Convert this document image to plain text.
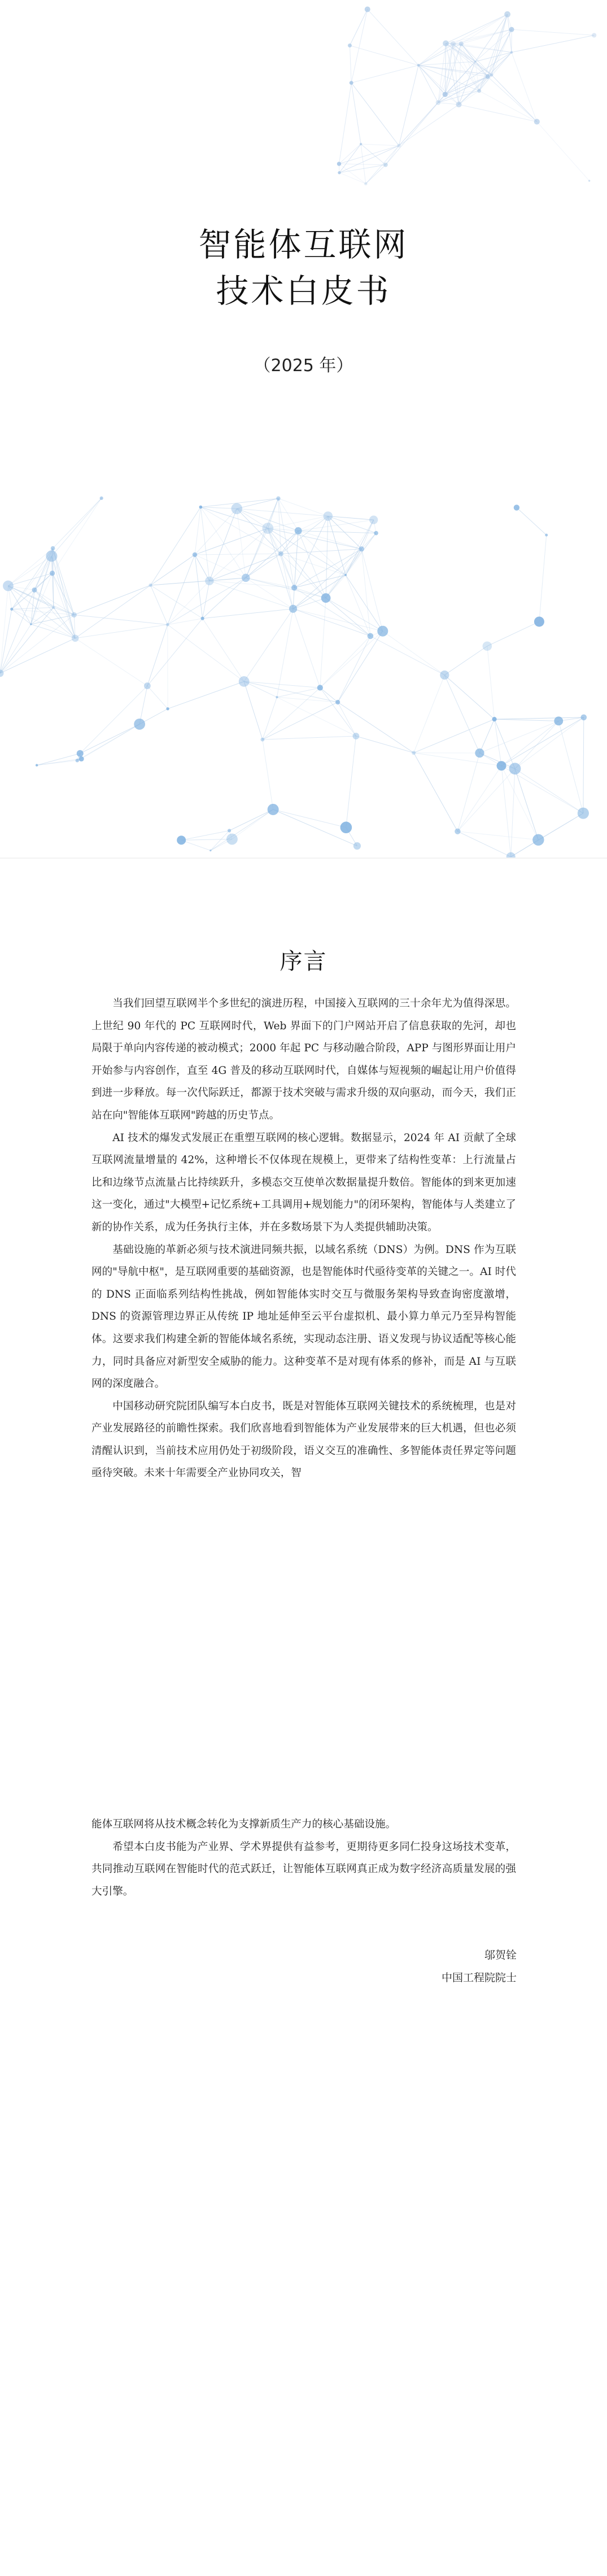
智能体互联网
技术白皮书
（2025 年）
序言

当我们回望互联网半个多世纪的演进历程，中国接入互联网的三十余年尤为值得深思。上世纪 90 年代的 PC 互联网时代，Web 界面下的门户网站开启了信息获取的先河，却也局限于单向内容传递的被动模式；2000 年起 PC 与移动融合阶段，APP 与图形界面让用户开始参与内容创作，直至 4G 普及的移动互联网时代，自媒体与短视频的崛起让用户价值得到进一步释放。每一次代际跃迁，都源于技术突破与需求升级的双向驱动，而今天，我们正站在向"智能体互联网"跨越的历史节点。

AI 技术的爆发式发展正在重塑互联网的核心逻辑。数据显示，2024 年 AI 贡献了全球互联网流量增量的 42%，这种增长不仅体现在规模上，更带来了结构性变革：上行流量占比和边缘节点流量占比持续跃升，多模态交互使单次数据量提升数倍。智能体的到来更加速这一变化，通过"大模型+记忆系统+工具调用+规划能力"的闭环架构，智能体与人类建立了新的协作关系，成为任务执行主体，并在多数场景下为人类提供辅助决策。

基础设施的革新必须与技术演进同频共振，以域名系统（DNS）为例。DNS 作为互联网的"导航中枢"，是互联网重要的基础资源，也是智能体时代亟待变革的关键之一。AI 时代的 DNS 正面临系列结构性挑战，例如智能体实时交互与微服务架构导致查询密度激增，DNS 的资源管理边界正从传统 IP 地址延伸至云平台虚拟机、最小算力单元乃至异构智能体。这要求我们构建全新的智能体域名系统，实现动态注册、语义发现与协议适配等核心能力，同时具备应对新型安全威胁的能力。这种变革不是对现有体系的修补，而是 AI 与互联网的深度融合。

中国移动研究院团队编写本白皮书，既是对智能体互联网关键技术的系统梳理，也是对产业发展路径的前瞻性探索。我们欣喜地看到智能体为产业发展带来的巨大机遇，但也必须清醒认识到，当前技术应用仍处于初级阶段，语义交互的准确性、多智能体责任界定等问题亟待突破。未来十年需要全产业协同攻关，智

能体互联网将从技术概念转化为支撑新质生产力的核心基础设施。

希望本白皮书能为产业界、学术界提供有益参考，更期待更多同仁投身这场技术变革，共同推动互联网在智能时代的范式跃迁，让智能体互联网真正成为数字经济高质量发展的强大引擎。

邬贺铨
中国工程院院士
